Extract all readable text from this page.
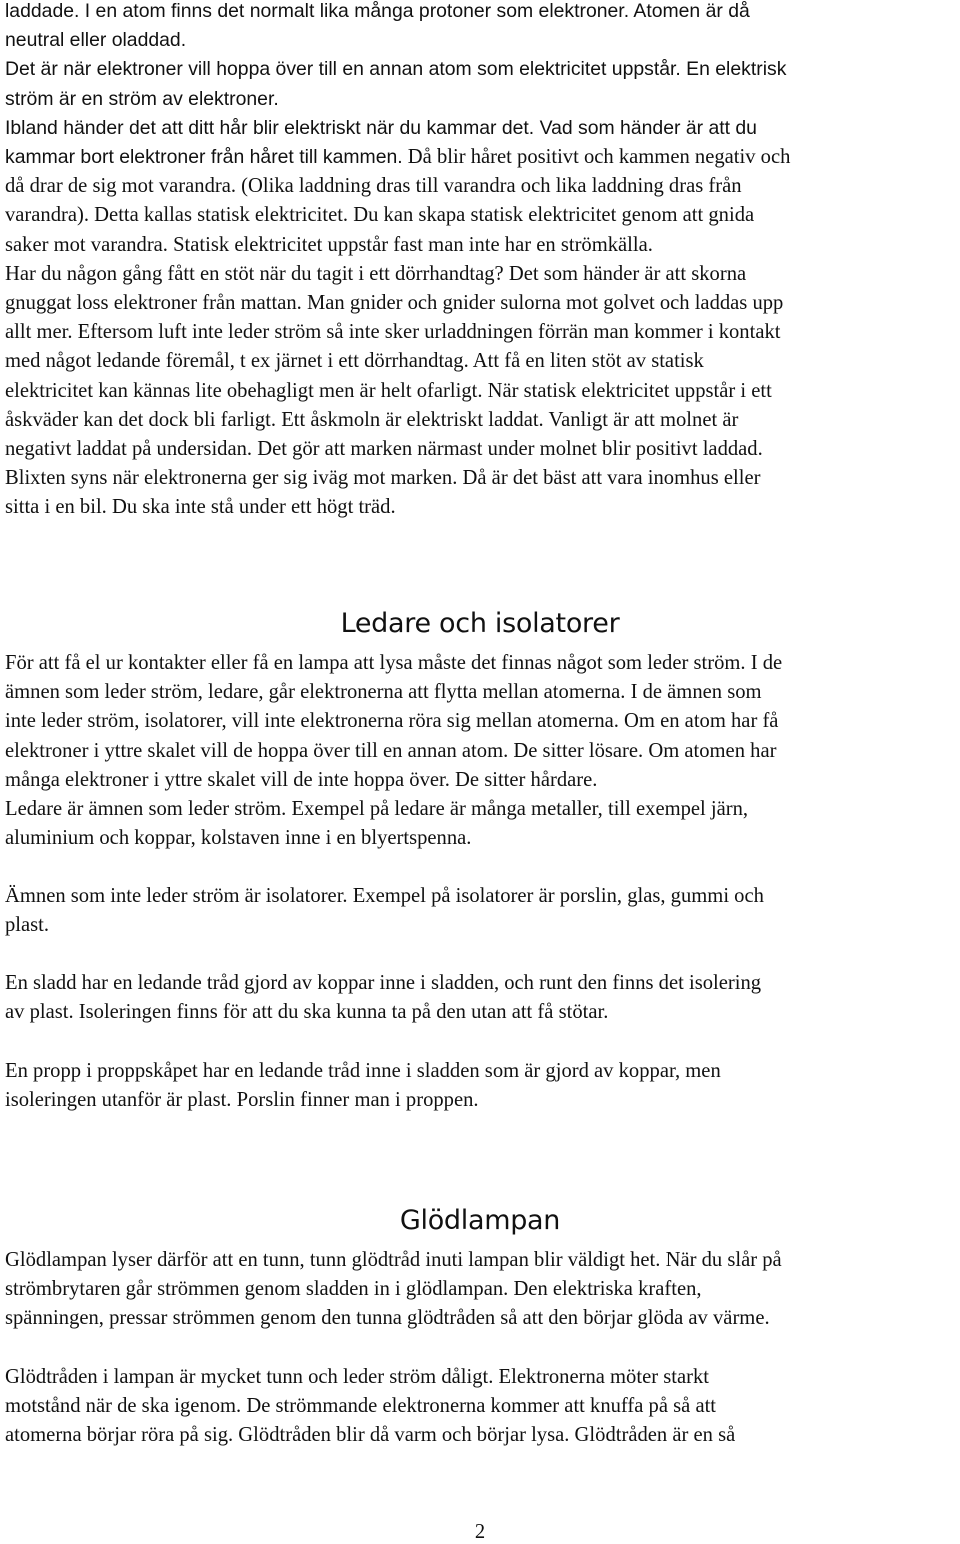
laddade. I en atom finns det normalt lika många protoner som elektroner. Atomen är då
neutral eller oladdad.
Det är när elektroner vill hoppa över till en annan atom som elektricitet uppstår. En elektrisk
ström är en ström av elektroner.
Ibland händer det att ditt hår blir elektriskt när du kammar det. Vad som händer är att du
kammar bort elektroner från håret till kammen. Då blir håret positivt och kammen negativ och
då drar de sig mot varandra. (Olika laddning dras till varandra och lika laddning dras från
varandra). Detta kallas statisk elektricitet. Du kan skapa statisk elektricitet genom att gnida
saker mot varandra. Statisk elektricitet uppstår fast man inte har en strömkälla.
Har du någon gång fått en stöt när du tagit i ett dörrhandtag? Det som händer är att skorna
gnuggat loss elektroner från mattan. Man gnider och gnider sulorna mot golvet och laddas upp
allt mer. Eftersom luft inte leder ström så inte sker urladdningen förrän man kommer i kontakt
med något ledande föremål, t ex järnet i ett dörrhandtag. Att få en liten stöt av statisk
elektricitet kan kännas lite obehagligt men är helt ofarligt. När statisk elektricitet uppstår i ett
åskväder kan det dock bli farligt. Ett åskmoln är elektriskt laddat. Vanligt är att molnet är
negativt laddat på undersidan. Det gör att marken närmast under molnet blir positivt laddad.
Blixten syns när elektronerna ger sig iväg mot marken. Då är det bäst att vara inomhus eller
sitta i en bil. Du ska inte stå under ett högt träd.

Ledare och isolatorer

För att få el ur kontakter eller få en lampa att lysa måste det finnas något som leder ström. I de
ämnen som leder ström, ledare, går elektronerna att flytta mellan atomerna. I de ämnen som
inte leder ström, isolatorer, vill inte elektronerna röra sig mellan atomerna. Om en atom har få
elektroner i yttre skalet vill de hoppa över till en annan atom. De sitter lösare. Om atomen har
många elektroner i yttre skalet vill de inte hoppa över. De sitter hårdare.
Ledare är ämnen som leder ström. Exempel på ledare är många metaller, till exempel järn,
aluminium och koppar, kolstaven inne i en blyertspenna.

Ämnen som inte leder ström är isolatorer. Exempel på isolatorer är porslin, glas, gummi och
plast.

En sladd har en ledande tråd gjord av koppar inne i sladden, och runt den finns det isolering
av plast. Isoleringen finns för att du ska kunna ta på den utan att få stötar.

En propp i proppskåpet har en ledande tråd inne i sladden som är gjord av koppar, men
isoleringen utanför är plast. Porslin finner man i proppen.

Glödlampan

Glödlampan lyser därför att en tunn, tunn glödtråd inuti lampan blir väldigt het. När du slår på
strömbrytaren går strömmen genom sladden in i glödlampan. Den elektriska kraften,
spänningen, pressar strömmen genom den tunna glödtråden så att den börjar glöda av värme.

Glödtråden i lampan är mycket tunn och leder ström dåligt. Elektronerna möter starkt
motstånd när de ska igenom. De strömmande elektronerna kommer att knuffa på så att
atomerna börjar röra på sig. Glödtråden blir då varm och börjar lysa. Glödtråden är en så

2
